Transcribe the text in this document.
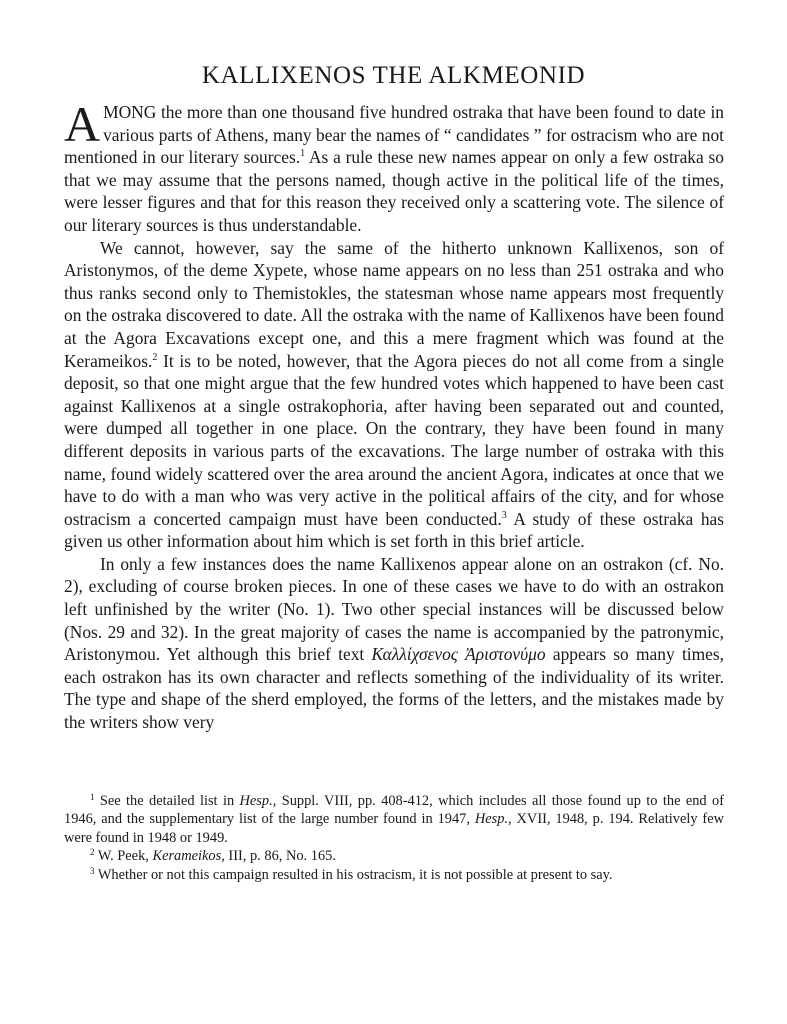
KALLIXENOS THE ALKMEONID

AMONG the more than one thousand five hundred ostraka that have been found to date in various parts of Athens, many bear the names of “ candidates ” for ostracism who are not mentioned in our literary sources.$^1$ As a rule these new names appear on only a few ostraka so that we may assume that the persons named, though active in the political life of the times, were lesser figures and that for this reason they received only a scattering vote. The silence of our literary sources is thus understandable.

We cannot, however, say the same of the hitherto unknown Kallixenos, son of Aristonymos, of the deme Xypete, whose name appears on no less than 251 ostraka and who thus ranks second only to Themistokles, the statesman whose name appears most frequently on the ostraka discovered to date. All the ostraka with the name of Kallixenos have been found at the Agora Excavations except one, and this a mere fragment which was found at the Kerameikos.$^2$ It is to be noted, however, that the Agora pieces do not all come from a single deposit, so that one might argue that the few hundred votes which happened to have been cast against Kallixenos at a single ostrakophoria, after having been separated out and counted, were dumped all together in one place. On the contrary, they have been found in many different deposits in various parts of the excavations. The large number of ostraka with this name, found widely scattered over the area around the ancient Agora, indicates at once that we have to do with a man who was very active in the political affairs of the city, and for whose ostracism a concerted campaign must have been conducted.$^3$ A study of these ostraka has given us other information about him which is set forth in this brief article.

In only a few instances does the name Kallixenos appear alone on an ostrakon (cf. No. 2), excluding of course broken pieces. In one of these cases we have to do with an ostrakon left unfinished by the writer (No. 1). Two other special instances will be discussed below (Nos. 29 and 32). In the great majority of cases the name is accompanied by the patronymic, Aristonymou. Yet although this brief text Καλλίχσενος Ἀριστονύμο appears so many times, each ostrakon has its own character and reflects something of the individuality of its writer. The type and shape of the sherd employed, the forms of the letters, and the mistakes made by the writers show very

$^1$ See the detailed list in Hesp., Suppl. VIII, pp. 408-412, which includes all those found up to the end of 1946, and the supplementary list of the large number found in 1947, Hesp., XVII, 1948, p. 194. Relatively few were found in 1948 or 1949.

$^2$ W. Peek, Kerameikos, III, p. 86, No. 165.

$^3$ Whether or not this campaign resulted in his ostracism, it is not possible at present to say.
